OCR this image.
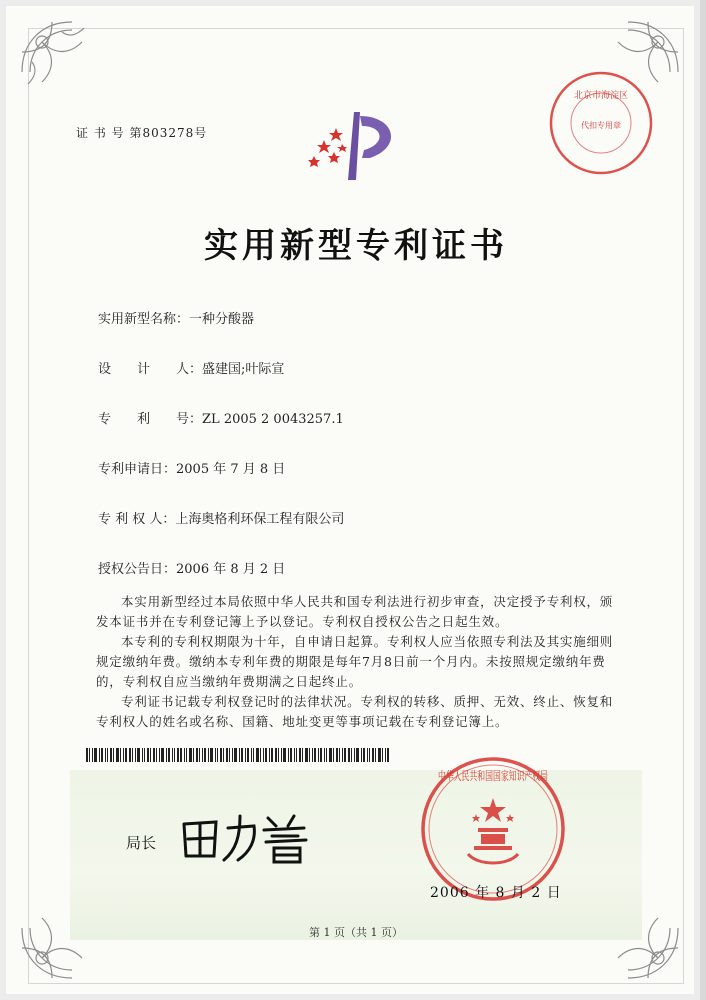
证 书 号 第803278号
北京市海淀区
代扣专用章
实用新型专利证书
实用新型名称：一种分酸器
设　　计　　人：盛建国;叶际宣
专　　利　　号：ZL 2005 2 0043257.1
专利申请日：2005 年 7 月 8 日
专 利 权 人：上海奥格利环保工程有限公司
授权公告日：2006 年 8 月 2 日

本实用新型经过本局依照中华人民共和国专利法进行初步审查，决定授予专利权，颁发本证书并在专利登记簿上予以登记。专利权自授权公告之日起生效。

本专利的专利权期限为十年，自申请日起算。专利权人应当依照专利法及其实施细则规定缴纳年费。缴纳本专利年费的期限是每年7月8日前一个月内。未按照规定缴纳年费的，专利权自应当缴纳年费期满之日起终止。

专利证书记载专利权登记时的法律状况。专利权的转移、质押、无效、终止、恢复和专利权人的姓名或名称、国籍、地址变更等事项记载在专利登记簿上。

局长
中华人民共和国国家知识产权局
2006 年 8 月 2 日
第 1 页（共 1 页）
